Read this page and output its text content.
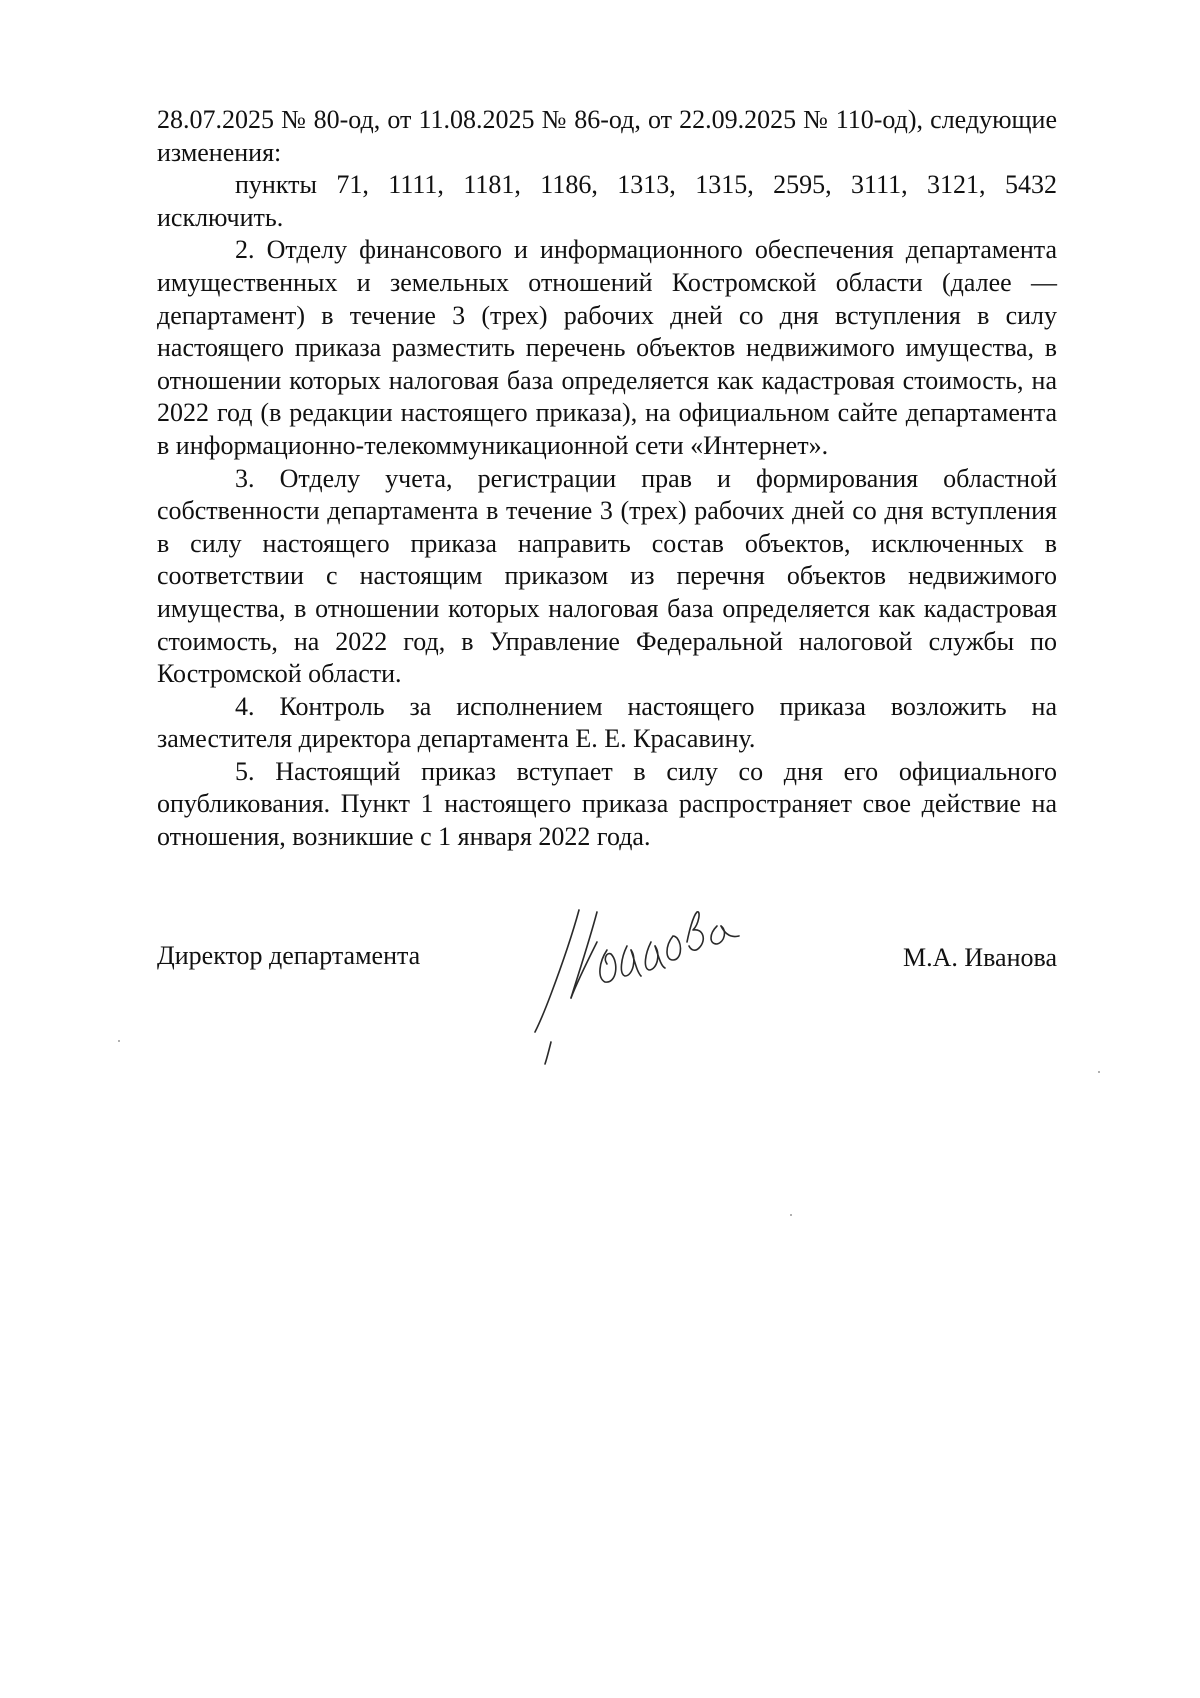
28.07.2025 № 80-од, от 11.08.2025 № 86-од, от 22.09.2025 № 110-од), следующие изменения:

пункты 71, 1111, 1181, 1186, 1313, 1315, 2595, 3111, 3121, 5432 исключить.

2. Отделу финансового и информационного обеспечения департамента имущественных и земельных отношений Костромской области (далее — департамент) в течение 3 (трех) рабочих дней со дня вступления в силу настоящего приказа разместить перечень объектов недвижимого имущества, в отношении которых налоговая база определяется как кадастровая стоимость, на 2022 год (в редакции настоящего приказа), на официальном сайте департамента в информационно-телекоммуникационной сети «Интернет».

3. Отделу учета, регистрации прав и формирования областной собственности департамента в течение 3 (трех) рабочих дней со дня вступления в силу настоящего приказа направить состав объектов, исключенных в соответствии с настоящим приказом из перечня объектов недвижимого имущества, в отношении которых налоговая база определяется как кадастровая стоимость, на 2022 год, в Управление Федеральной налоговой службы по Костромской области.

4. Контроль за исполнением настоящего приказа возложить на заместителя директора департамента Е. Е. Красавину.

5. Настоящий приказ вступает в силу со дня его официального опубликования. Пункт 1 настоящего приказа распространяет свое действие на отношения, возникшие с 1 января 2022 года.

Директор департамента	М.А. Иванова
